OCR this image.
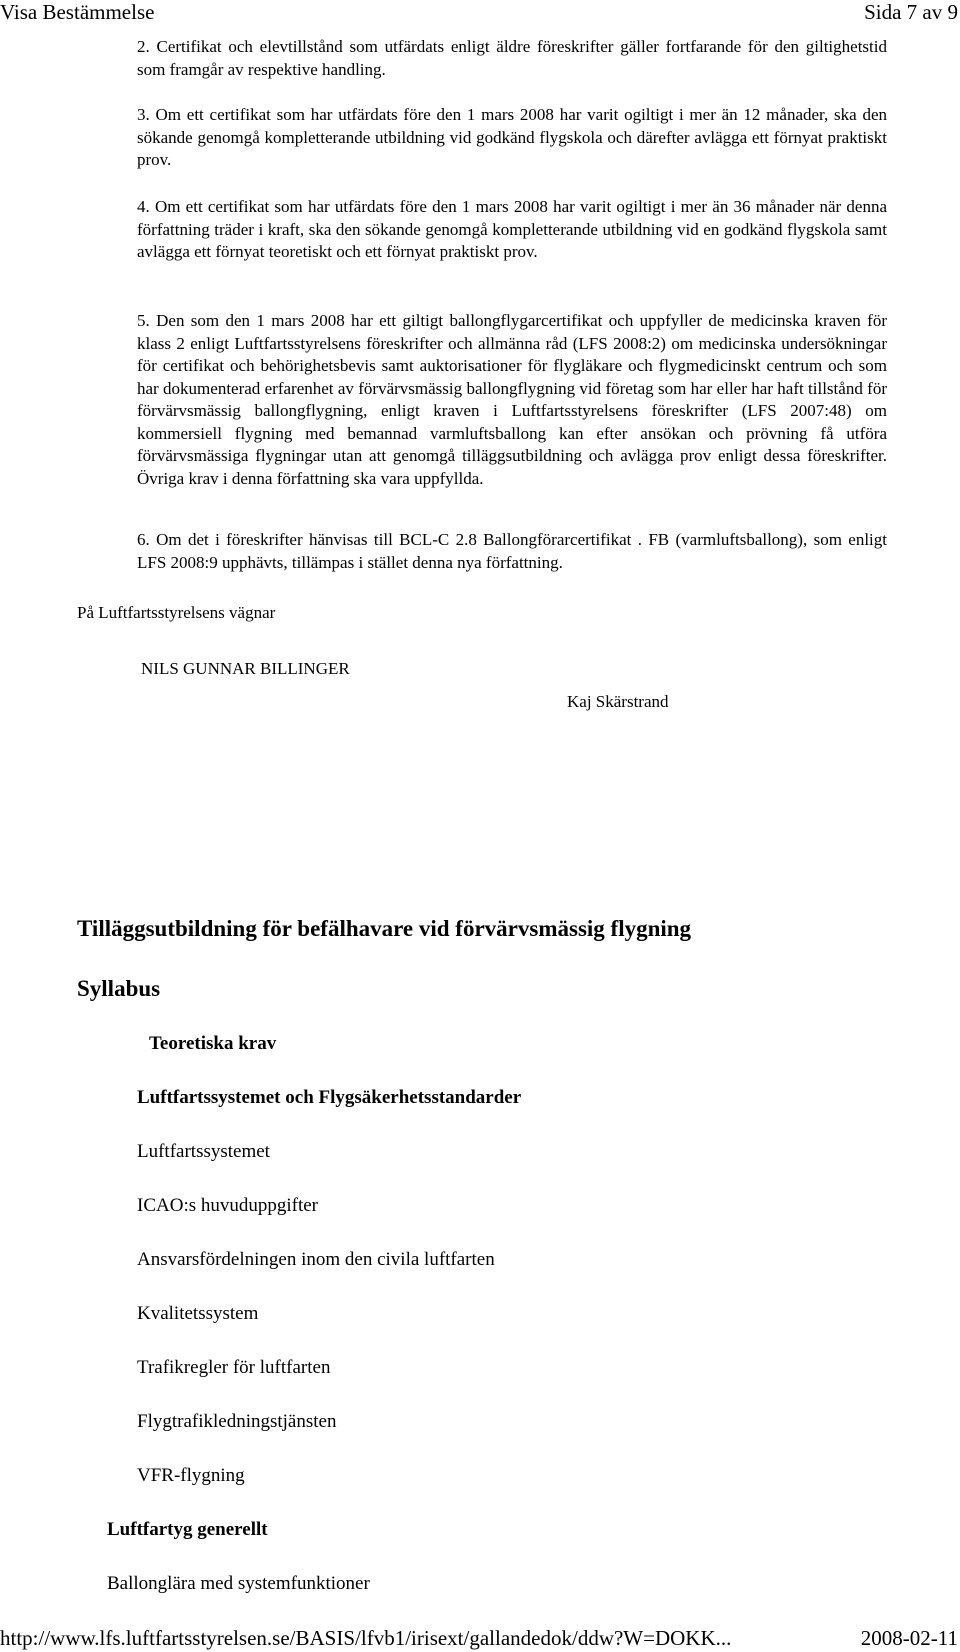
Visa Bestämmelse	Sida 7 av 9
2. Certifikat och elevtillstånd som utfärdats enligt äldre föreskrifter gäller fortfarande för den giltighetstid som framgår av respektive handling.
3. Om ett certifikat som har utfärdats före den 1 mars 2008 har varit ogiltigt i mer än 12 månader, ska den sökande genomgå kompletterande utbildning vid godkänd flygskola och därefter avlägga ett förnyat praktiskt prov.
4. Om ett certifikat som har utfärdats före den 1 mars 2008 har varit ogiltigt i mer än 36 månader när denna författning träder i kraft, ska den sökande genomgå kompletterande utbildning vid en godkänd flygskola samt avlägga ett förnyat teoretiskt och ett förnyat praktiskt prov.
5. Den som den 1 mars 2008 har ett giltigt ballongflygarcertifikat och uppfyller de medicinska kraven för klass 2 enligt Luftfartsstyrelsens föreskrifter och allmänna råd (LFS 2008:2) om medicinska undersökningar för certifikat och behörighetsbevis samt auktorisationer för flygläkare och flygmedicinskt centrum och som har dokumenterad erfarenhet av förvärvsmässig ballongflygning vid företag som har eller har haft tillstånd för förvärvsmässig ballongflygning, enligt kraven i Luftfartsstyrelsens föreskrifter (LFS 2007:48) om kommersiell flygning med bemannad varmluftsballong kan efter ansökan och prövning få utföra förvärvsmässiga flygningar utan att genomgå tilläggsutbildning och avlägga prov enligt dessa föreskrifter. Övriga krav i denna författning ska vara uppfyllda.
6. Om det i föreskrifter hänvisas till BCL-C 2.8 Ballongförarcertifikat . FB (varmluftsballong), som enligt LFS 2008:9 upphävts, tillämpas i stället denna nya författning.
På Luftfartsstyrelsens vägnar
NILS GUNNAR BILLINGER
Kaj Skärstrand
Tilläggsutbildning för befälhavare vid förvärvsmässig flygning
Syllabus
Teoretiska krav
Luftfartssystemet och Flygsäkerhetsstandarder
Luftfartssystemet
ICAO:s huvuduppgifter
Ansvarsfördelningen inom den civila luftfarten
Kvalitetssystem
Trafikregler för luftfarten
Flygtrafikledningstjänsten
VFR-flygning
Luftfartyg generellt
Ballonglära med systemfunktioner
http://www.lfs.luftfartsstyrelsen.se/BASIS/lfvb1/irisext/gallandedok/ddw?W=DOKK...	2008-02-11
